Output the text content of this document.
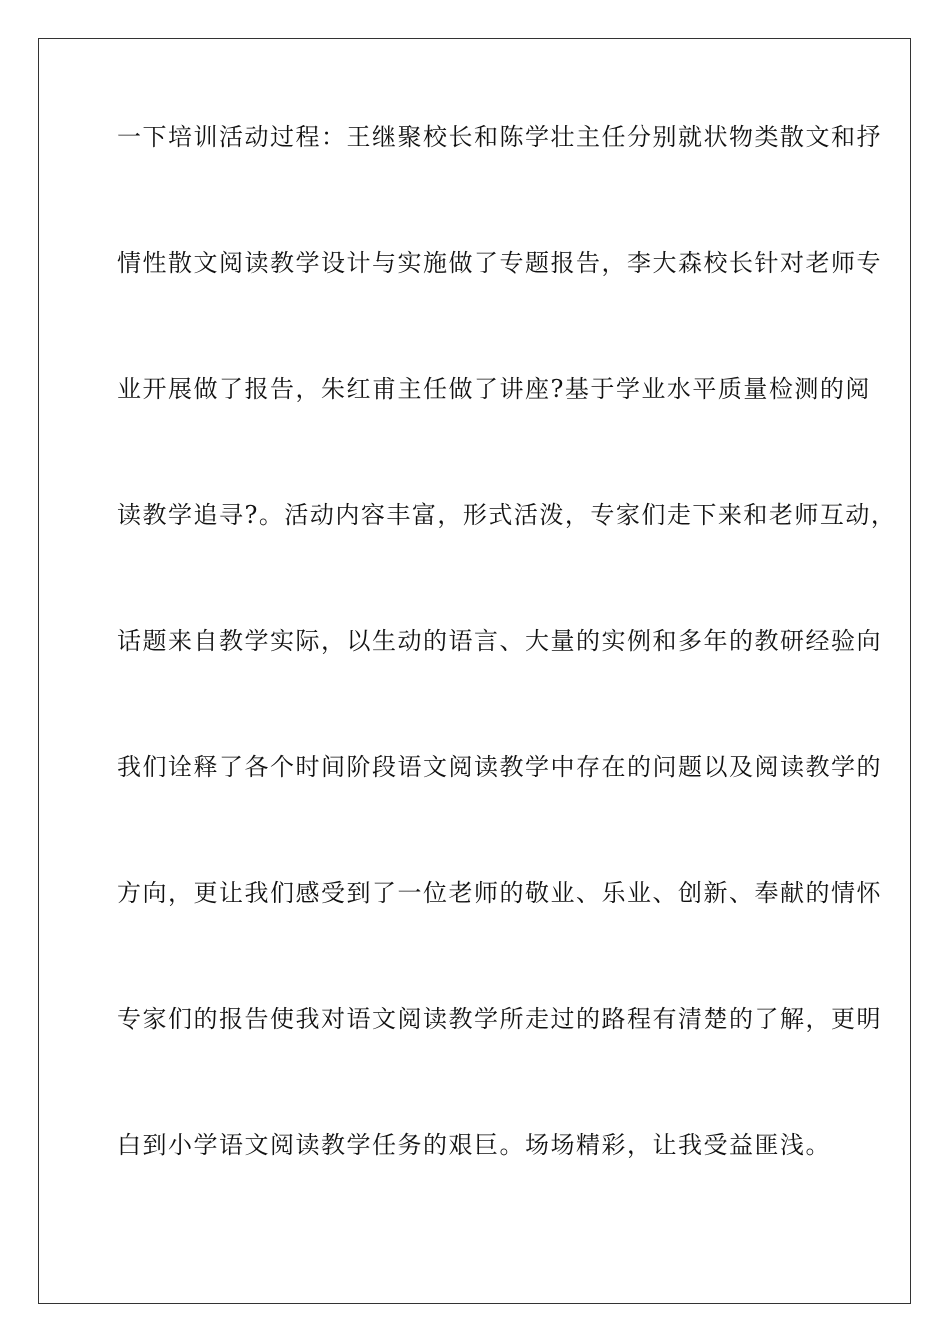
一下培训活动过程：王继聚校长和陈学壮主任分别就状物类散文和抒
情性散文阅读教学设计与实施做了专题报告，李大森校长针对老师专
业开展做了报告，朱红甫主任做了讲座?基于学业水平质量检测的阅
读教学追寻?。活动内容丰富，形式活泼，专家们走下来和老师互动，
话题来自教学实际，以生动的语言、大量的实例和多年的教研经验向
我们诠释了各个时间阶段语文阅读教学中存在的问题以及阅读教学的
方向，更让我们感受到了一位老师的敬业、乐业、创新、奉献的情怀
专家们的报告使我对语文阅读教学所走过的路程有清楚的了解，更明
白到小学语文阅读教学任务的艰巨。场场精彩，让我受益匪浅。
